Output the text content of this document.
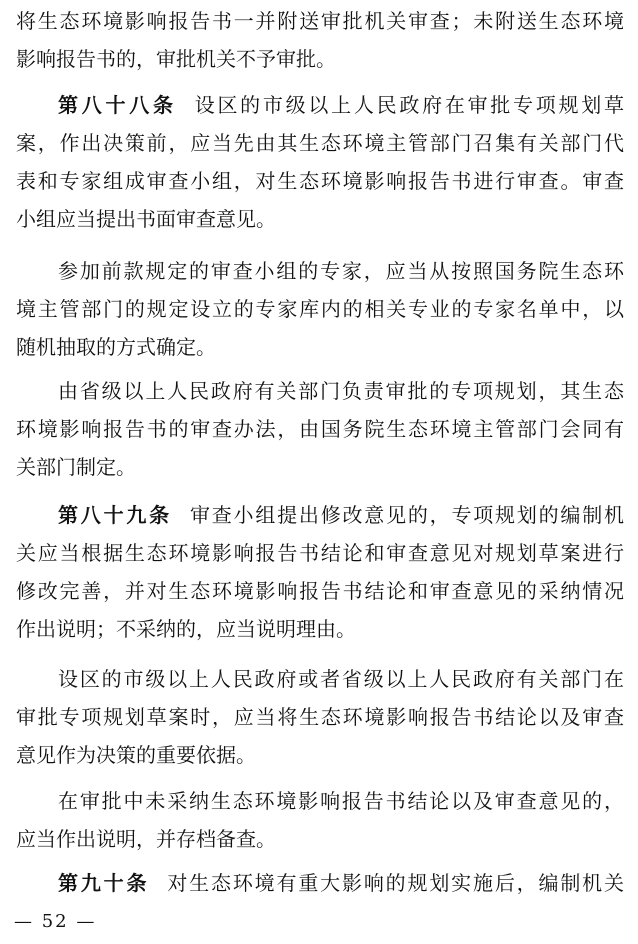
将生态环境影响报告书一并附送审批机关审查；未附送生态环境
影响报告书的，审批机关不予审批。
第八十八条 设区的市级以上人民政府在审批专项规划草
案，作出决策前，应当先由其生态环境主管部门召集有关部门代
表和专家组成审查小组，对生态环境影响报告书进行审查。审查
小组应当提出书面审查意见。
参加前款规定的审查小组的专家，应当从按照国务院生态环
境主管部门的规定设立的专家库内的相关专业的专家名单中，以
随机抽取的方式确定。
由省级以上人民政府有关部门负责审批的专项规划，其生态
环境影响报告书的审查办法，由国务院生态环境主管部门会同有
关部门制定。
第八十九条 审查小组提出修改意见的，专项规划的编制机
关应当根据生态环境影响报告书结论和审查意见对规划草案进行
修改完善，并对生态环境影响报告书结论和审查意见的采纳情况
作出说明；不采纳的，应当说明理由。
设区的市级以上人民政府或者省级以上人民政府有关部门在
审批专项规划草案时，应当将生态环境影响报告书结论以及审查
意见作为决策的重要依据。
在审批中未采纳生态环境影响报告书结论以及审查意见的，
应当作出说明，并存档备查。
第九十条 对生态环境有重大影响的规划实施后，编制机关
— 52 —
